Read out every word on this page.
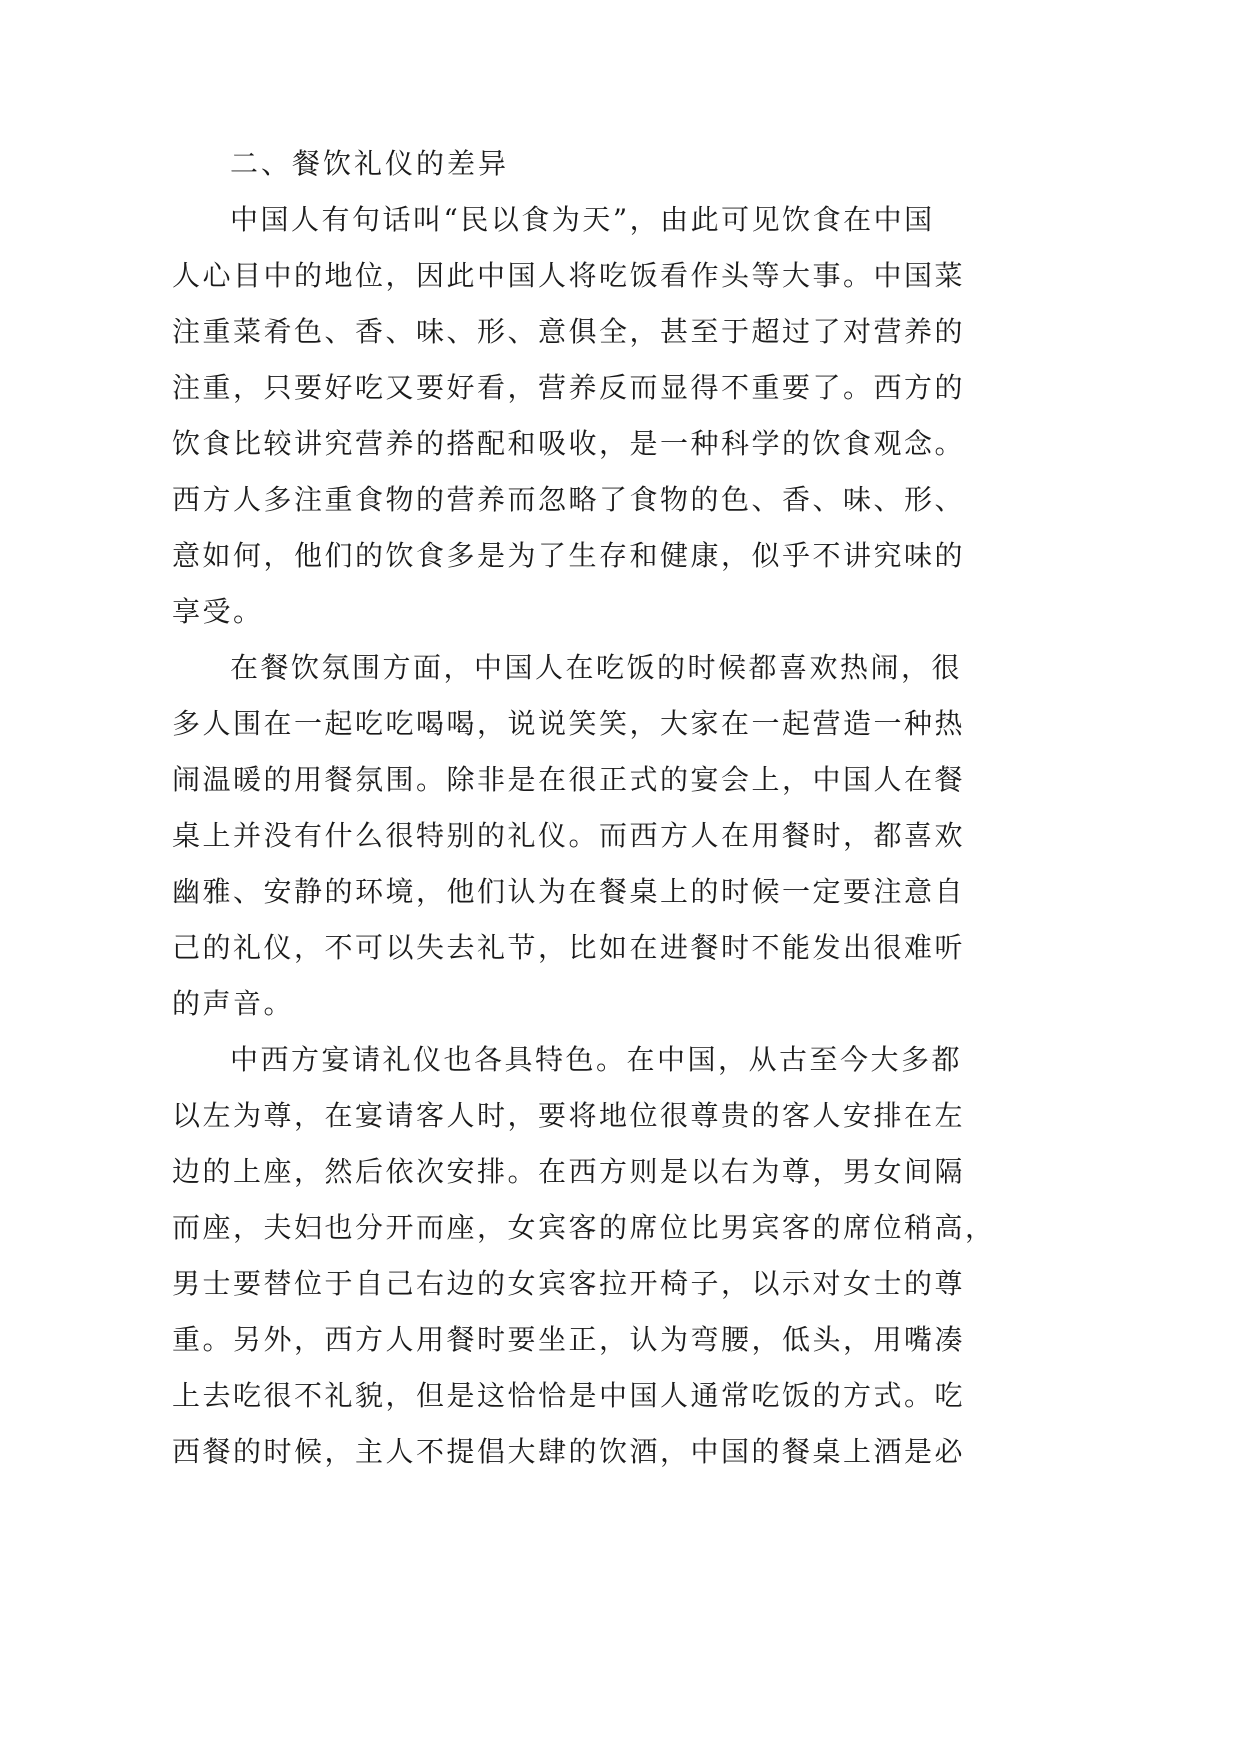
二、餐饮礼仪的差异
中国人有句话叫“民以食为天”，由此可见饮食在中国
人心目中的地位，因此中国人将吃饭看作头等大事。中国菜
注重菜肴色、香、味、形、意俱全，甚至于超过了对营养的
注重，只要好吃又要好看，营养反而显得不重要了。西方的
饮食比较讲究营养的搭配和吸收，是一种科学的饮食观念。
西方人多注重食物的营养而忽略了食物的色、香、味、形、
意如何，他们的饮食多是为了生存和健康，似乎不讲究味的
享受。
在餐饮氛围方面，中国人在吃饭的时候都喜欢热闹，很
多人围在一起吃吃喝喝，说说笑笑，大家在一起营造一种热
闹温暖的用餐氛围。除非是在很正式的宴会上，中国人在餐
桌上并没有什么很特别的礼仪。而西方人在用餐时，都喜欢
幽雅、安静的环境，他们认为在餐桌上的时候一定要注意自
己的礼仪，不可以失去礼节，比如在进餐时不能发出很难听
的声音。
中西方宴请礼仪也各具特色。在中国，从古至今大多都
以左为尊，在宴请客人时，要将地位很尊贵的客人安排在左
边的上座，然后依次安排。在西方则是以右为尊，男女间隔
而座，夫妇也分开而座，女宾客的席位比男宾客的席位稍高，
男士要替位于自己右边的女宾客拉开椅子，以示对女士的尊
重。另外，西方人用餐时要坐正，认为弯腰，低头，用嘴凑
上去吃很不礼貌，但是这恰恰是中国人通常吃饭的方式。吃
西餐的时候，主人不提倡大肆的饮酒，中国的餐桌上酒是必
